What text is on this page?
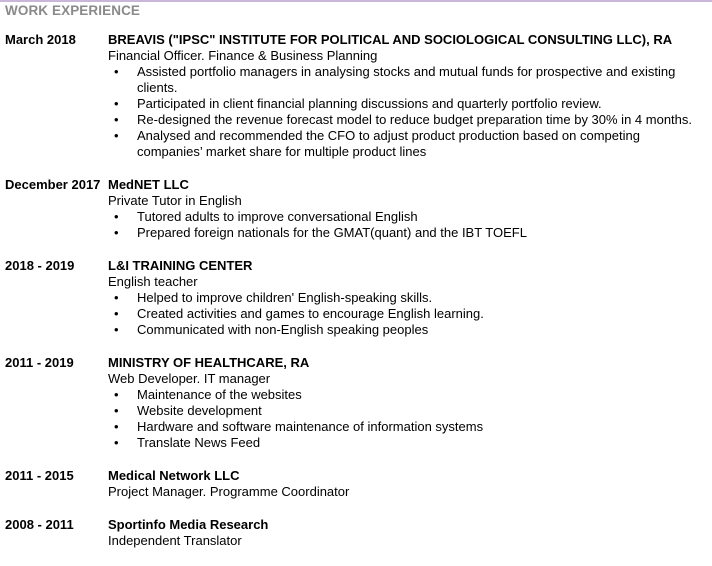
WORK EXPERIENCE
March 2018	BREAVIS ("IPSC" INSTITUTE FOR POLITICAL AND SOCIOLOGICAL CONSULTING LLC), RA
Financial Officer. Finance & Business Planning
• Assisted portfolio managers in analysing stocks and mutual funds for prospective and existing clients.
• Participated in client financial planning discussions and quarterly portfolio review.
• Re-designed the revenue forecast model to reduce budget preparation time by 30% in 4 months.
• Analysed and recommended the CFO to adjust product production based on competing companies’ market share for multiple product lines
December 2017 MedNET LLC
Private Tutor in English
• Tutored adults to improve conversational English
• Prepared foreign nationals for the GMAT(quant) and the IBT TOEFL
2018 - 2019	L&I TRAINING CENTER
English teacher
• Helped to improve children' English-speaking skills.
• Created activities and games to encourage English learning.
• Communicated with non-English speaking peoples
2011 - 2019	MINISTRY OF HEALTHCARE, RA
Web Developer. IT manager
• Maintenance of the websites
• Website development
• Hardware and software maintenance of information systems
• Translate News Feed
2011 - 2015	Medical Network LLC
Project Manager. Programme Coordinator
2008 - 2011	Sportinfo Media Research
Independent Translator
